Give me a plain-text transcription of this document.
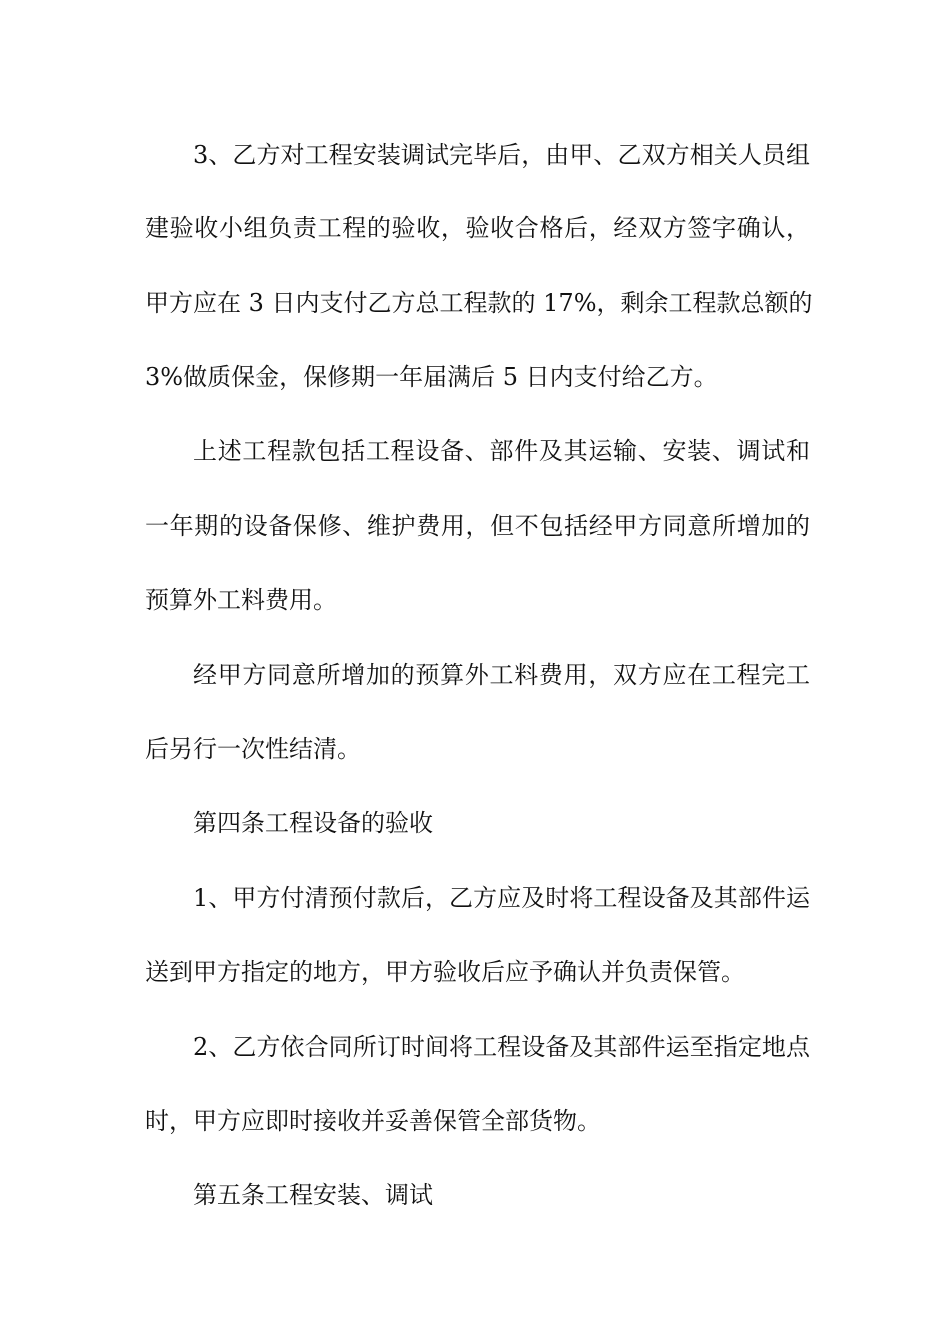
3、乙方对工程安装调试完毕后，由甲、乙双方相关人员组
建验收小组负责工程的验收，验收合格后，经双方签字确认，
甲方应在 3 日内支付乙方总工程款的 17%，剩余工程款总额的
3%做质保金，保修期一年届满后 5 日内支付给乙方。
上述工程款包括工程设备、部件及其运输、安装、调试和
一年期的设备保修、维护费用，但不包括经甲方同意所增加的
预算外工料费用。
经甲方同意所增加的预算外工料费用，双方应在工程完工
后另行一次性结清。
第四条工程设备的验收
1、甲方付清预付款后，乙方应及时将工程设备及其部件运
送到甲方指定的地方，甲方验收后应予确认并负责保管。
2、乙方依合同所订时间将工程设备及其部件运至指定地点
时，甲方应即时接收并妥善保管全部货物。
第五条工程安装、调试
